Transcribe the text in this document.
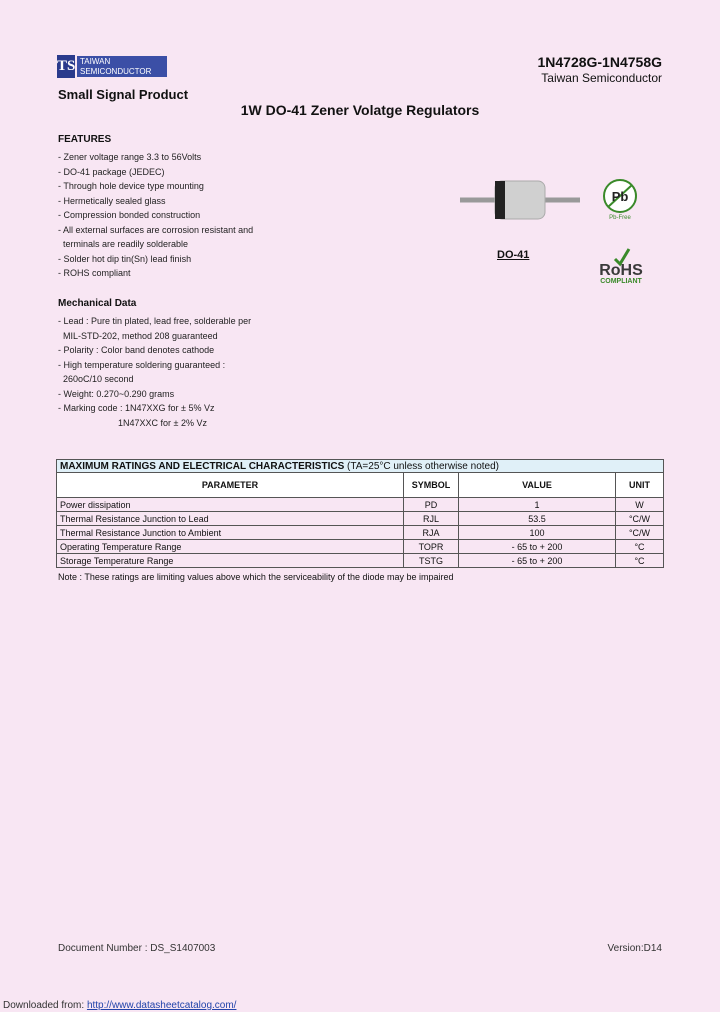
TS TAIWAN
SEMICONDUCTOR
1N4728G-1N4758G
Taiwan Semiconductor
Small Signal Product
1W DO-41 Zener Volatge Regulators
FEATURES
- Zener voltage range 3.3 to 56Volts
- DO-41 package (JEDEC)
- Through hole device type mounting
- Hermetically sealed glass
- Compression bonded construction
- All external surfaces are corrosion resistant and
terminals are readily solderable
- Solder hot dip tin(Sn) lead finish
- ROHS compliant
DO-41
Pb
Pb-Free
RoHS
COMPLIANT
Mechanical Data
- Lead : Pure tin plated, lead free, solderable per
MIL-STD-202, method 208 guaranteed
- Polarity : Color band denotes cathode
- High temperature soldering guaranteed :
260oC/10 second
- Weight: 0.270~0.290 grams
- Marking code : 1N47XXG for ± 5% Vz
1N47XXC for ± 2% Vz
MAXIMUM RATINGS AND ELECTRICAL CHARACTERISTICS (TA=25°C unless otherwise noted)			
PARAMETER	SYMBOL	VALUE	UNIT
Power dissipation	PD	1	W
Thermal Resistance Junction to Lead	RJL	53.5	°C/W
Thermal Resistance Junction to Ambient	RJA	100	°C/W
Operating Temperature Range	TOPR	- 65 to + 200	°C
Storage Temperature Range	TSTG	- 65 to + 200	°C
Note : These ratings are limiting values above which the serviceability of the diode may be impaired
Document Number : DS_S1407003	Version:D14
Downloaded from: http://www.datasheetcatalog.com/
